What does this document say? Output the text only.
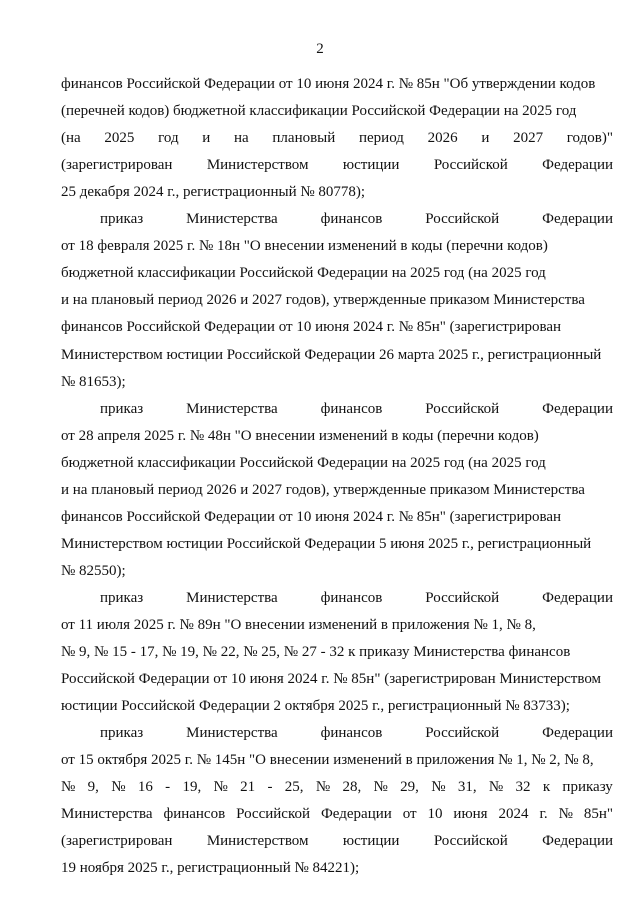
2
финансов Российской Федерации от 10 июня 2024 г. № 85н "Об утверждении кодов
(перечней кодов) бюджетной классификации Российской Федерации на 2025 год
(на 2025 год и на плановый период 2026 и 2027 годов)"
(зарегистрирован Министерством юстиции Российской Федерации
25 декабря 2024 г., регистрационный № 80778);
приказ	Министерства	финансов	Российской	Федерации
от 18 февраля 2025 г. № 18н "О внесении изменений в коды (перечни кодов)
бюджетной классификации Российской Федерации на 2025 год (на 2025 год
и на плановый период 2026 и 2027 годов), утвержденные приказом Министерства
финансов Российской Федерации от 10 июня 2024 г. № 85н" (зарегистрирован
Министерством юстиции Российской Федерации 26 марта 2025 г., регистрационный
№ 81653);
приказ	Министерства	финансов	Российской	Федерации
от 28 апреля 2025 г. № 48н "О внесении изменений в коды (перечни кодов)
бюджетной классификации Российской Федерации на 2025 год (на 2025 год
и на плановый период 2026 и 2027 годов), утвержденные приказом Министерства
финансов Российской Федерации от 10 июня 2024 г. № 85н" (зарегистрирован
Министерством юстиции Российской Федерации 5 июня 2025 г., регистрационный
№ 82550);
приказ	Министерства	финансов	Российской	Федерации
от 11 июля 2025 г. № 89н "О внесении изменений в приложения № 1, № 8,
№ 9, № 15 - 17, № 19, № 22, № 25, № 27 - 32 к приказу Министерства финансов
Российской Федерации от 10 июня 2024 г. № 85н" (зарегистрирован Министерством
юстиции Российской Федерации 2 октября 2025 г., регистрационный № 83733);
приказ	Министерства	финансов	Российской	Федерации
от 15 октября 2025 г. № 145н "О внесении изменений в приложения № 1, № 2, № 8,
№ 9, № 16 - 19, № 21 - 25, № 28, № 29, № 31, № 32 к приказу
Министерства финансов Российской Федерации от 10 июня 2024 г. № 85н"
(зарегистрирован Министерством юстиции Российской Федерации
19 ноября 2025 г., регистрационный № 84221);
